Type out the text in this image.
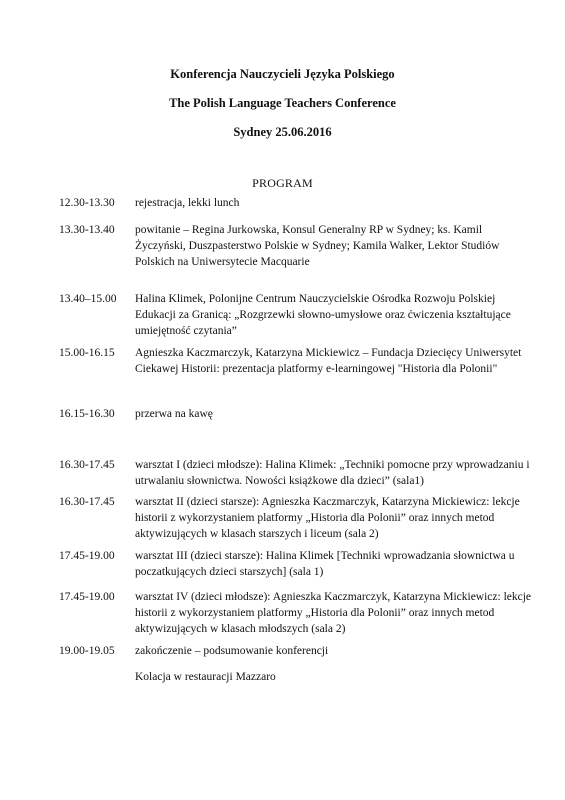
Konferencja Nauczycieli Języka Polskiego
The Polish Language Teachers Conference
Sydney 25.06.2016
PROGRAM
12.30-13.30 rejestracja, lekki lunch
13.30-13.40 powitanie – Regina Jurkowska, Konsul Generalny RP w Sydney; ks. Kamil Życzyński, Duszpasterstwo Polskie w Sydney; Kamila Walker, Lektor Studiów Polskich na Uniwersytecie Macquarie
13.40–15.00 Halina Klimek, Polonijne Centrum Nauczycielskie Ośrodka Rozwoju Polskiej Edukacji za Granicą: „Rozgrzewki słowno-umysłowe oraz ćwiczenia kształtujące umiejętność czytania”
15.00-16.15 Agnieszka Kaczmarczyk, Katarzyna Mickiewicz – Fundacja Dziecięcy Uniwersytet Ciekawej Historii: prezentacja platformy e-learningowej "Historia dla Polonii"
16.15-16.30 przerwa na kawę
16.30-17.45 warsztat I (dzieci młodsze): Halina Klimek: „Techniki pomocne przy wprowadzaniu i utrwalaniu słownictwa. Nowości książkowe dla dzieci” (sala1)
16.30-17.45 warsztat II (dzieci starsze): Agnieszka Kaczmarczyk, Katarzyna Mickiewicz: lekcje historii z wykorzystaniem platformy „Historia dla Polonii” oraz innych metod aktywizujących w klasach starszych i liceum (sala 2)
17.45-19.00 warsztat III (dzieci starsze): Halina Klimek [Techniki wprowadzania słownictwa u poczatkujących dzieci starszych] (sala 1)
17.45-19.00 warsztat IV (dzieci młodsze): Agnieszka Kaczmarczyk, Katarzyna Mickiewicz: lekcje historii z wykorzystaniem platformy „Historia dla Polonii” oraz innych metod aktywizujących w klasach młodszych (sala 2)
19.00-19.05 zakończenie – podsumowanie konferencji
Kolacja w restauracji Mazzaro
